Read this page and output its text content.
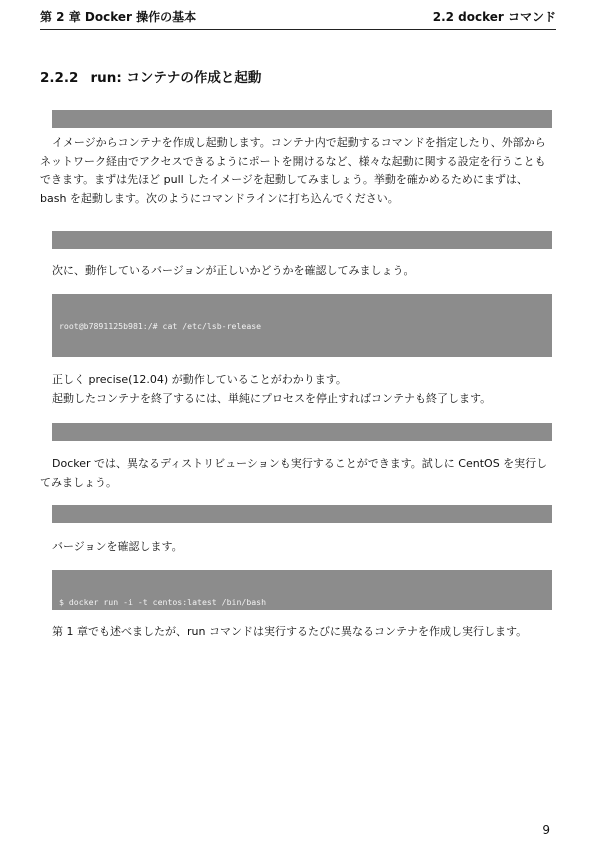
第 2 章 Docker 操作の基本	2.2 docker コマンド
2.2.2 run: コンテナの作成と起動

イメージからコンテナを作成し起動します。コンテナ内で起動するコマンドを指定したり、外部からネットワーク経由でアクセスできるようにポートを開けるなど、様々な起動に関する設定を行うこともできます。まずは先ほど pull したイメージを起動してみましょう。挙動を確かめるためにまずは、bash を起動します。次のようにコマンドラインに打ち込んでください。

次に、動作しているバージョンが正しいかどうかを確認してみましょう。

root@b7891125b981:/# cat /etc/lsb-release

正しく precise(12.04) が動作していることがわかります。
起動したコンテナを終了するには、単純にプロセスを停止すればコンテナも終了します。

Docker では、異なるディストリビューションも実行することができます。試しに CentOS を実行してみましょう。

バージョンを確認します。

$ docker run -i -t centos:latest /bin/bash

第 1 章でも述べましたが、run コマンドは実行するたびに異なるコンテナを作成し実行します。
9
